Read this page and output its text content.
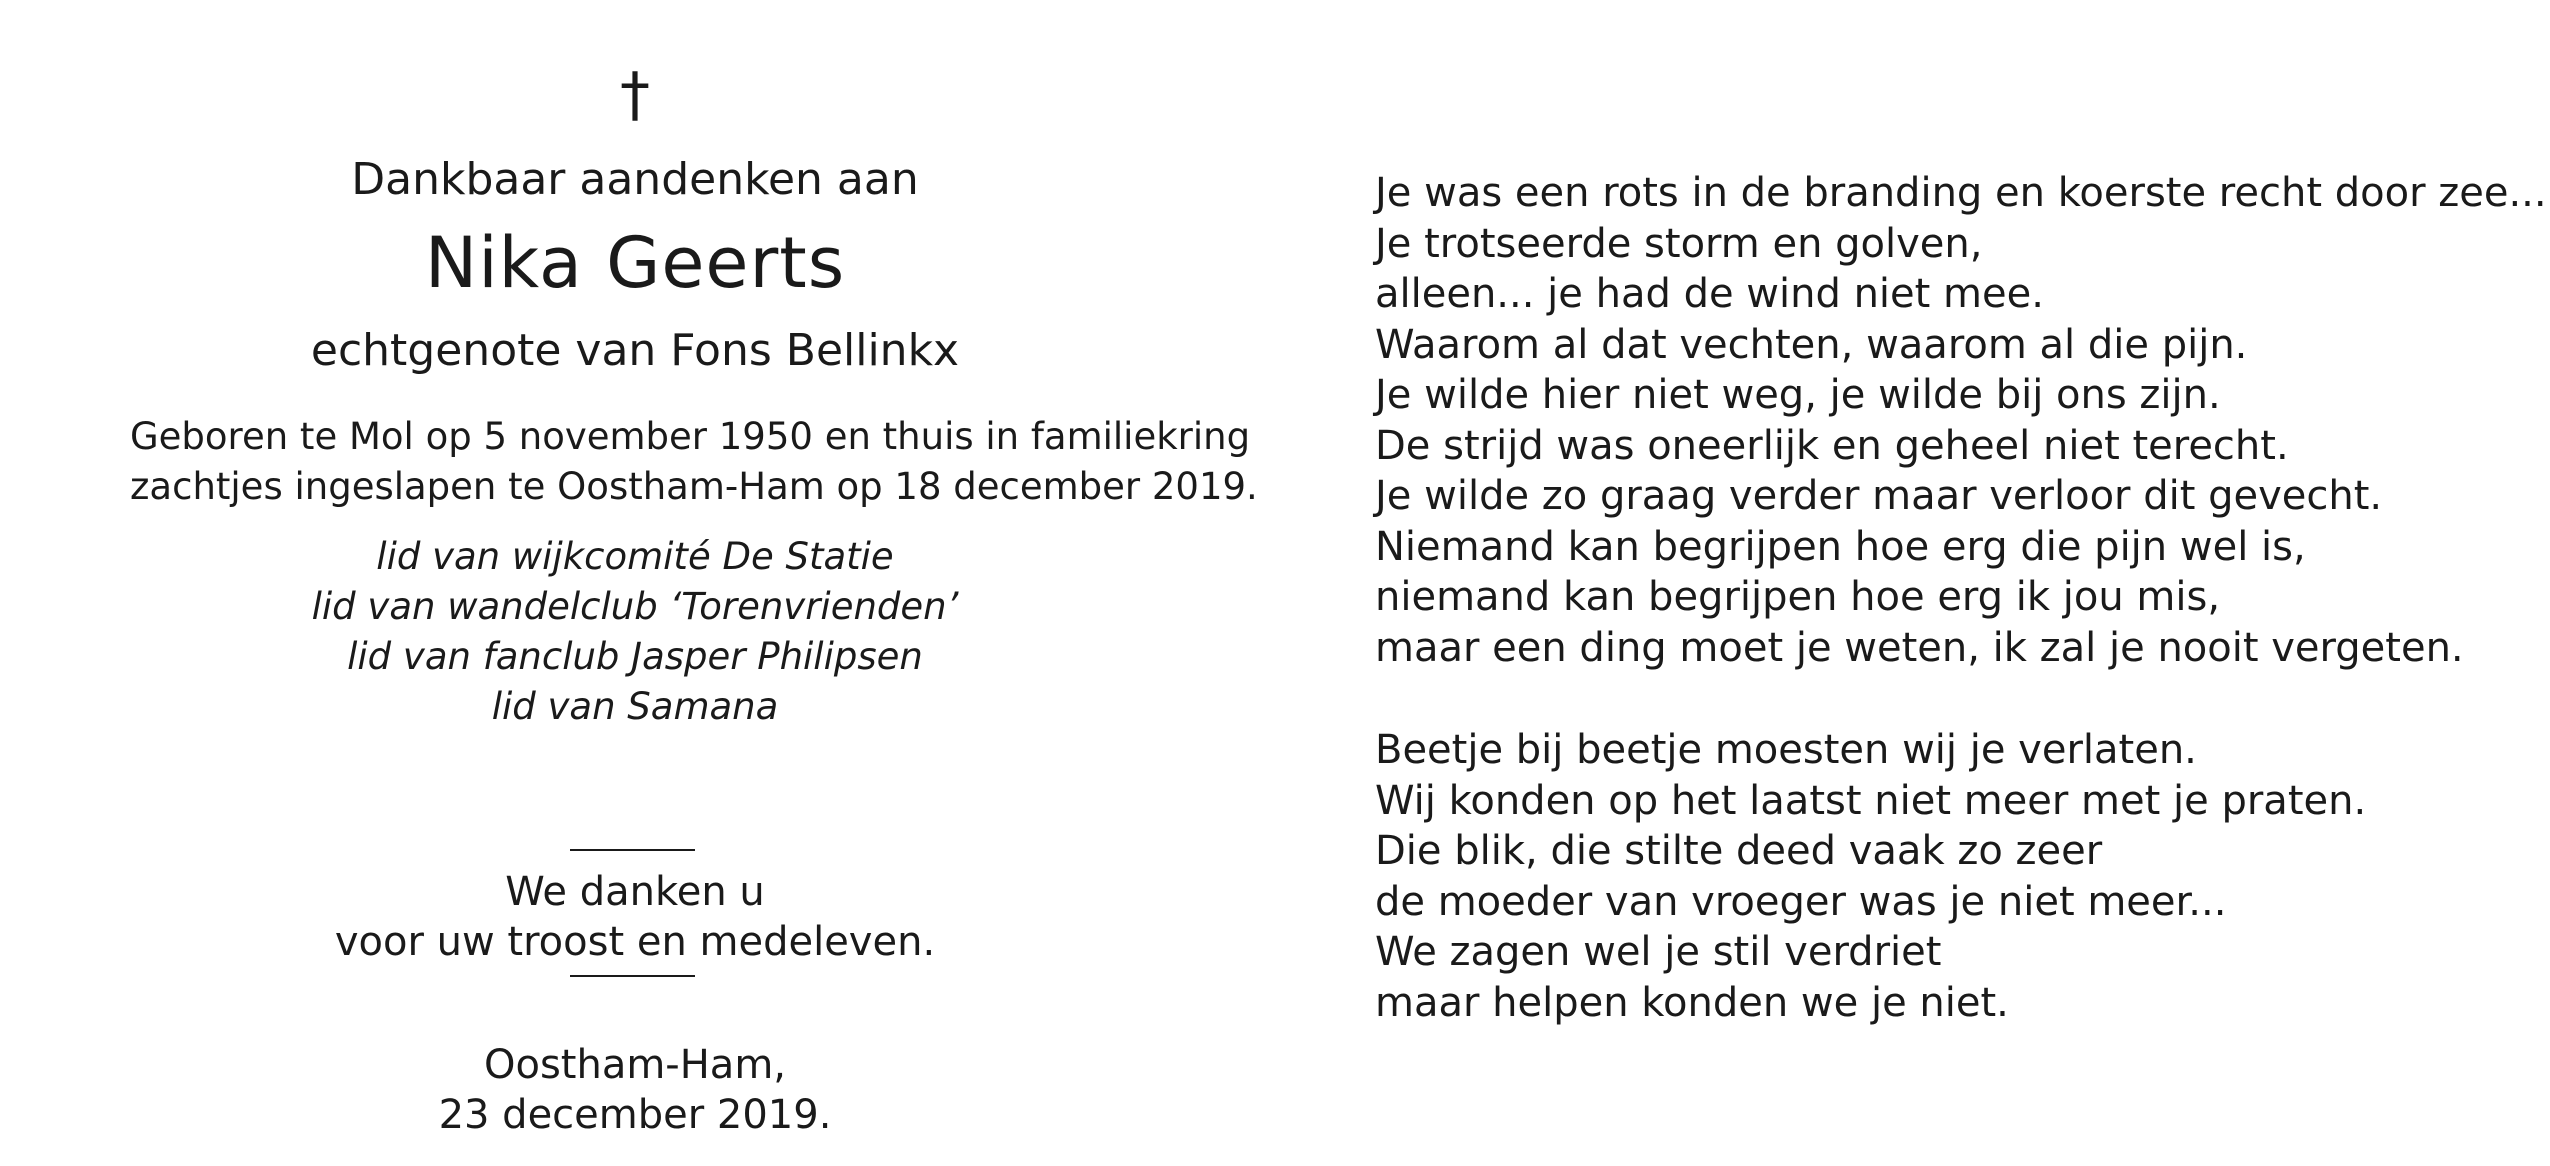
†
Dankbaar aandenken aan
Nika Geerts
echtgenote van Fons Bellinkx
Geboren te Mol op 5 november 1950 en thuis in familiekring
zachtjes ingeslapen te Oostham-Ham op 18 december 2019.
lid van wijkcomité De Statie
lid van wandelclub ‘Torenvrienden’
lid van fanclub Jasper Philipsen
lid van Samana
We danken u
voor uw troost en medeleven.
Oostham-Ham,
23 december 2019.
Je was een rots in de branding en koerste recht door zee...
Je trotseerde storm en golven,
alleen... je had de wind niet mee.
Waarom al dat vechten, waarom al die pijn.
Je wilde hier niet weg, je wilde bij ons zijn.
De strijd was oneerlijk en geheel niet terecht.
Je wilde zo graag verder maar verloor dit gevecht.
Niemand kan begrijpen hoe erg die pijn wel is,
niemand kan begrijpen hoe erg ik jou mis,
maar een ding moet je weten, ik zal je nooit vergeten.
Beetje bij beetje moesten wij je verlaten.
Wij konden op het laatst niet meer met je praten.
Die blik, die stilte deed vaak zo zeer
de moeder van vroeger was je niet meer...
We zagen wel je stil verdriet
maar helpen konden we je niet.
